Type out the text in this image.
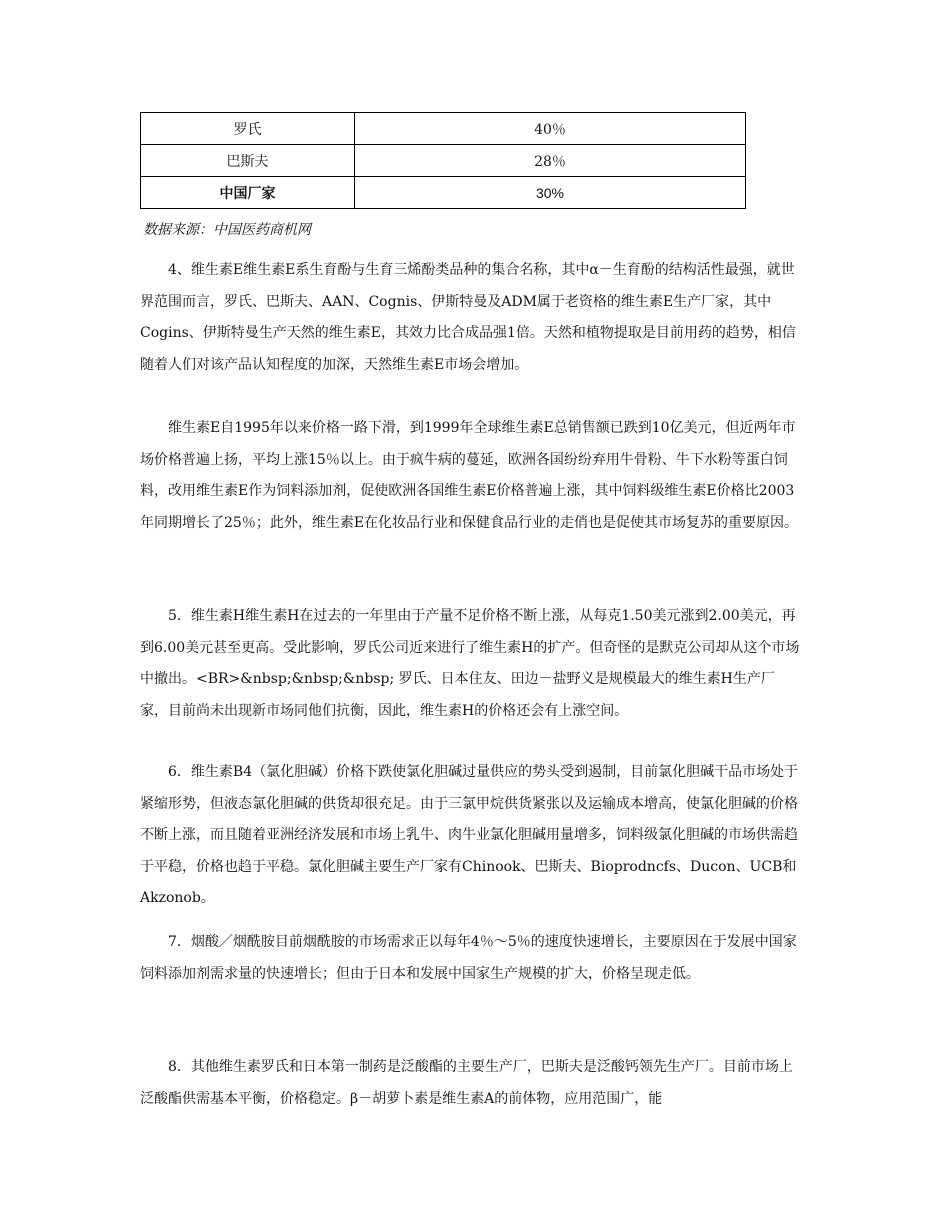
罗氏	40％
巴斯夫	28％
中国厂家	30%
数据来源：中国医药商机网

4、维生素E维生素E系生育酚与生育三烯酚类品种的集合名称，其中α－生育酚的结构活性最强，就世界范围而言，罗氏、巴斯夫、AAN、Cognis、伊斯特曼及ADM属于老资格的维生素E生产厂家，其中Cogins、伊斯特曼生产天然的维生素E，其效力比合成品强1倍。天然和植物提取是目前用药的趋势，相信随着人们对该产品认知程度的加深，天然维生素E市场会增加。

维生素E自1995年以来价格一路下滑，到1999年全球维生素E总销售额已跌到10亿美元，但近两年市场价格普遍上扬，平均上涨15％以上。由于疯牛病的蔓延，欧洲各国纷纷弃用牛骨粉、牛下水粉等蛋白饲料，改用维生素E作为饲料添加剂，促使欧洲各国维生素E价格普遍上涨，其中饲料级维生素E价格比2003年同期增长了25％；此外，维生素E在化妆品行业和保健食品行业的走俏也是促使其市场复苏的重要原因。

5．维生素H维生素H在过去的一年里由于产量不足价格不断上涨，从每克1.50美元涨到2.00美元，再到6.00美元甚至更高。受此影响，罗氏公司近来进行了维生素H的扩产。但奇怪的是默克公司却从这个市场中撤出。<BR>&nbsp;&nbsp;&nbsp; 罗氏、日本住友、田边－盐野义是规模最大的维生素H生产厂家，目前尚未出现新市场同他们抗衡，因此，维生素H的价格还会有上涨空间。

6．维生素B4（氯化胆碱）价格下跌使氯化胆碱过量供应的势头受到遏制，目前氯化胆碱干品市场处于紧缩形势，但液态氯化胆碱的供货却很充足。由于三氯甲烷供货紧张以及运输成本增高，使氯化胆碱的价格不断上涨，而且随着亚洲经济发展和市场上乳牛、肉牛业氯化胆碱用量增多，饲料级氯化胆碱的市场供需趋于平稳，价格也趋于平稳。氯化胆碱主要生产厂家有Chinook、巴斯夫、Bioprodncfs、Ducon、UCB和Akzonob。

7．烟酸／烟酰胺目前烟酰胺的市场需求正以每年4％～5％的速度快速增长，主要原因在于发展中国家饲料添加剂需求量的快速增长；但由于日本和发展中国家生产规模的扩大，价格呈现走低。

8．其他维生素罗氏和日本第一制药是泛酸酯的主要生产厂，巴斯夫是泛酸钙领先生产厂。目前市场上泛酸酯供需基本平衡，价格稳定。β－胡萝卜素是维生素A的前体物，应用范围广，能
